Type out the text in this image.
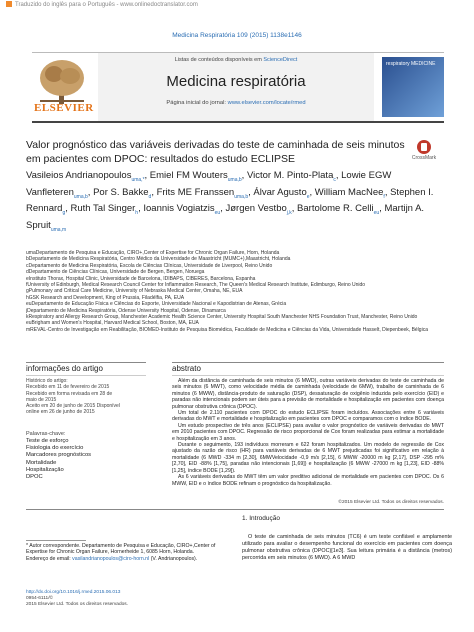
Traduzido do inglês para o Português - www.onlinedoctranslator.com
Medicina Respiratória 109 (2015) 1138e1146
ELSEVIER
Listas de conteúdos disponíveis em ScienceDirect
Medicina respiratória
Página inicial do jornal: www.elsevier.com/locate/rmed
respiratory MEDICINE
Valor prognóstico das variáveis derivadas do teste de caminhada de seis minutos em pacientes com DPOC: resultados do estudo ECLIPSE	CrossMark
Vasileios Andrianopoulos$_{uma,*}$, Emiel FM Wouters$_{uma,b}$, Victor M. Pinto-Plata$_c$, Lowie EGW Vanfleteren$_{uma,b}$, Por S. Bakke$_d$, Frits ME Franssen$_{uma,b}$, Álvar Agusto$_e$, William MacNee$_f$, Stephen I. Rennard$_g$, Ruth Tal Singer$_h$, Ioannis Vogiatzis$_{eu}$, Jørgen Vestbo$_{j,k}$, Bartolome R. Celli$_{eu}$, Martijn A. Spruit$_{uma,m}$
umaDepartamento de Pesquisa e Educação, CIRO+,Center of Expertise for Chronic Organ Failure, Horn, Holanda
bDepartamento de Medicina Respiratória, Centro Médico da Universidade de Maastricht (MUMC+),Maastricht, Holanda
cDepartamento de Medicina Respiratória, Escola de Ciências Clínicas, Universidade de Liverpool, Reino Unido
dDepartamento de Ciências Clínicas, Universidade de Bergen, Bergen, Noruega
eInstituto Thorax, Hospital Clinic, Universidade de Barcelona, IDIBAPS, CIBERES, Barcelona, Espanha
fUniversity of Edinburgh, Medical Research Council Center for Inflammation Research, The Queen's Medical Research Institute, Edimburgo, Reino Unido
gPulmonary and Critical Care Medicine, University of Nebraska Medical Center, Omaha, NE, EUA
hGSK Research and Development, King of Prussia, Filadélfia, PA, EUA
euDepartamento de Educação Física e Ciências do Esporte, Universidade Nacional e Kapodistrian de Atenas, Grécia
jDepartamento de Medicina Respiratória, Odense University Hospital, Odense, Dinamarca
kRespiratory and Allergy Research Group, Manchester Academic Health Science Center, University Hospital South Manchester NHS Foundation Trust, Manchester, Reino Unido
euBrigham and Women's Hospital, Harvard Medical School, Boston, MA, EUA
mREVAL-Centro de Investigação em Reabilitação, BIOMED-Instituto de Pesquisa Biomédica, Faculdade de Medicina e Ciências da Vida, Universidade Hasselt, Diepenbeek, Bélgica
informações do artigo	abstrato
Histórico do artigo:
Recebido em 11 de fevereiro de 2015
Recebido em forma revisada em 28 de
maio de 2015
Aceito em 20 de junho de 2015 Disponível
online em 26 de junho de 2015
Palavras-chave:
Teste de esforço
Fisiologia do exercício
Marcadores prognósticos
Mortalidade
Hospitalização
DPOC

Além da distância de caminhada de seis minutos (6 MWD), outras variáveis derivadas do teste de caminhada de seis minutos (6 MWT), como velocidade média de caminhada (velocidade de 6MW), trabalho de caminhada de 6 minutos (6 MWW), distância-produto de saturação (DSP), dessaturação de oxigênio induzida pelo exercício (EID) e paradas não intencionais podem ser úteis para a previsão de mortalidade e hospitalização em pacientes com doença pulmonar obstrutiva crônica (DPOC).

Um total de 2.110 pacientes com DPOC do estudo ECLIPSE foram incluídos. Associações entre 6 variáveis derivadas do MWT e mortalidade e hospitalização em pacientes com DPOC e comparamos com o índice BODE.

Um estudo prospectivo de três anos (ECLIPSE) para avaliar o valor prognóstico de variáveis derivadas do MWT em 2010 pacientes com DPOC. Regressão de risco proporcional de Cox foram realizadas para estimar a mortalidade e hospitalização em 3 anos.

Durante o seguimento, 193 indivíduos morreram e 622 foram hospitalizados. Um modelo de regressão de Cox ajustado da razão de risco (HR) para variáveis derivadas de 6 MWT prejudicadas foi significativo em relação à mortalidade (6 MWD -334 m [2,30], 6MWVelocidade -0,9 m/s [2,15], 6 MWW -20000 m kg [2,17], DSP -295 m% [2,70], EID -88% [1,75], paradas não intencionais [1,69]) e hospitalização (6 MWW -27000 m kg [1,23], EID -88% [1,25], índice BODE [1,29]).

As 6 variáveis derivadas do MWT têm um valor preditivo adicional de mortalidade em pacientes com DPOC. Os 6 MWW, EID e o índice BODE refinam o prognóstico da hospitalização.

©2015 Elsevier Ltd. Todos os direitos reservados.
* Autor correspondente. Departamento de Pesquisa e Educação, CIRO+,Center of Expertise for Chronic Organ Failure, Hornerheide 1, 6085 Horn, Holanda.
Endereço de email: vasilandrianopoulos@ciro-horn.nl (V. Andrianopoulos).
http://dx.doi.org/10.1016/j.rmed.2015.06.013
0954-6111/©
2015 Elsevier Ltd. Todos os direitos reservados.
1. Introdução
O teste de caminhada de seis minutos (TC6) é um teste confiável e amplamente utilizado para avaliar o desempenho funcional do exercício em pacientes com doença pulmonar obstrutiva crônica (DPOC)[1e3]. Sua leitura primária é a distância (metros) percorrida em seis minutos (6 MWD). A 6 MWD
